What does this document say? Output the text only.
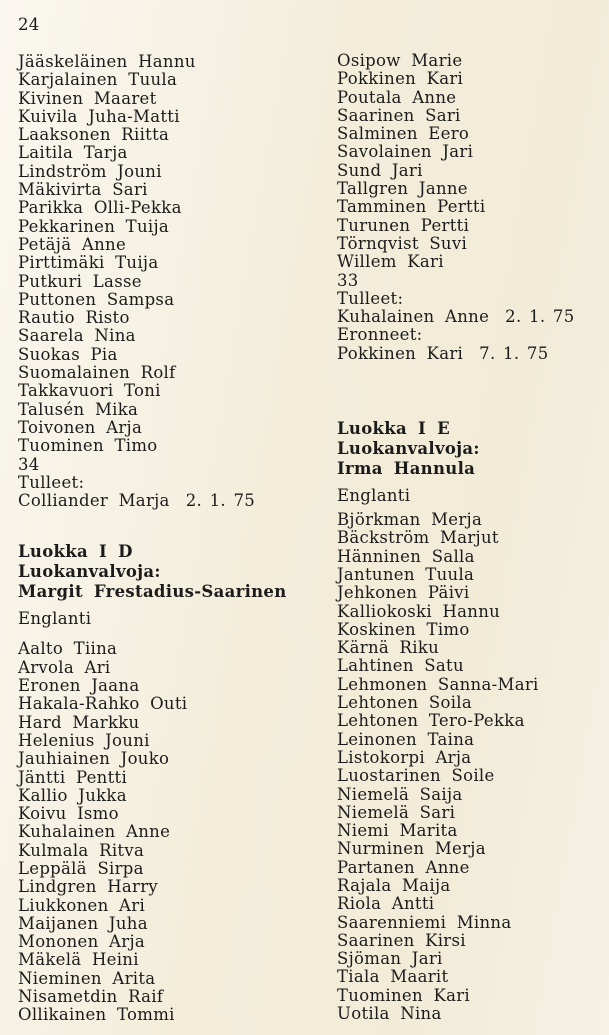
24
Jääskeläinen Hannu
Karjalainen Tuula
Kivinen Maaret
Kuivila Juha-Matti
Laaksonen Riitta
Laitila Tarja
Lindström Jouni
Mäkivirta Sari
Parikka Olli-Pekka
Pekkarinen Tuija
Petäjä Anne
Pirttimäki Tuija
Putkuri Lasse
Puttonen Sampsa
Rautio Risto
Saarela Nina
Suokas Pia
Suomalainen Rolf
Takkavuori Toni
Talusén Mika
Toivonen Arja
Tuominen Timo
34
Tulleet:
Colliander Marja 2. 1. 75
Luokka I D
Luokanvalvoja:
Margit Frestadius-Saarinen
Englanti
Aalto Tiina
Arvola Ari
Eronen Jaana
Hakala-Rahko Outi
Hard Markku
Helenius Jouni
Jauhiainen Jouko
Jäntti Pentti
Kallio Jukka
Koivu Ismo
Kuhalainen Anne
Kulmala Ritva
Leppälä Sirpa
Lindgren Harry
Liukkonen Ari
Maijanen Juha
Mononen Arja
Mäkelä Heini
Nieminen Arita
Nisametdin Raif
Ollikainen Tommi
Osipow Marie
Pokkinen Kari
Poutala Anne
Saarinen Sari
Salminen Eero
Savolainen Jari
Sund Jari
Tallgren Janne
Tamminen Pertti
Turunen Pertti
Törnqvist Suvi
Willem Kari
33
Tulleet:
Kuhalainen Anne 2. 1. 75
Eronneet:
Pokkinen Kari 7. 1. 75
Luokka I E
Luokanvalvoja:
Irma Hannula
Englanti
Björkman Merja
Bäckström Marjut
Hänninen Salla
Jantunen Tuula
Jehkonen Päivi
Kalliokoski Hannu
Koskinen Timo
Kärnä Riku
Lahtinen Satu
Lehmonen Sanna-Mari
Lehtonen Soila
Lehtonen Tero-Pekka
Leinonen Taina
Listokorpi Arja
Luostarinen Soile
Niemelä Saija
Niemelä Sari
Niemi Marita
Nurminen Merja
Partanen Anne
Rajala Maija
Riola Antti
Saarenniemi Minna
Saarinen Kirsi
Sjöman Jari
Tiala Maarit
Tuominen Kari
Uotila Nina
